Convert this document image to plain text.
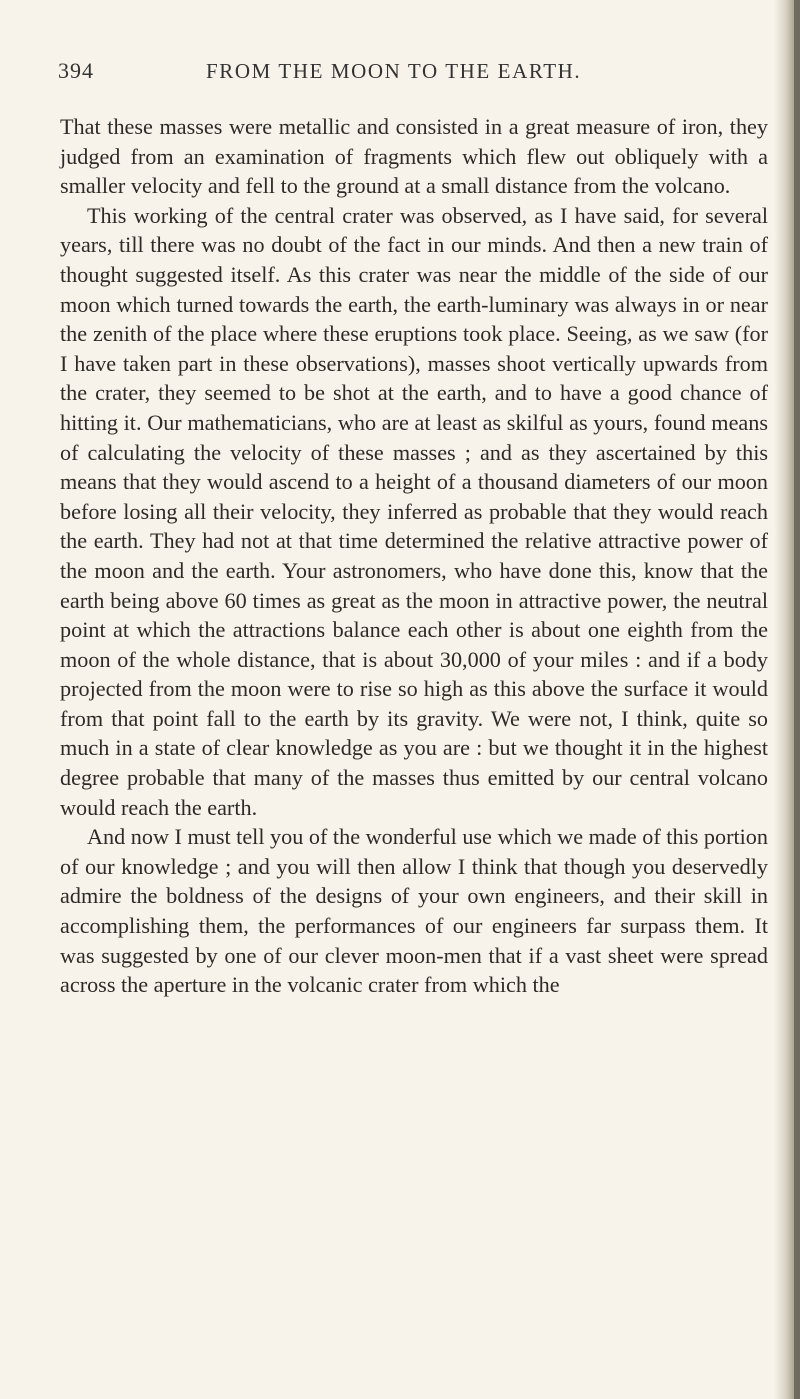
394	FROM THE MOON TO THE EARTH.

That these masses were metallic and consisted in a great measure of iron, they judged from an examination of fragments which flew out obliquely with a smaller velocity and fell to the ground at a small distance from the volcano.

This working of the central crater was observed, as I have said, for several years, till there was no doubt of the fact in our minds. And then a new train of thought suggested itself. As this crater was near the middle of the side of our moon which turned towards the earth, the earth-luminary was always in or near the zenith of the place where these eruptions took place. Seeing, as we saw (for I have taken part in these observations), masses shoot vertically upwards from the crater, they seemed to be shot at the earth, and to have a good chance of hitting it. Our mathematicians, who are at least as skilful as yours, found means of calculating the velocity of these masses ; and as they ascertained by this means that they would ascend to a height of a thousand diameters of our moon before losing all their velocity, they inferred as probable that they would reach the earth. They had not at that time determined the relative attractive power of the moon and the earth. Your astronomers, who have done this, know that the earth being above 60 times as great as the moon in attractive power, the neutral point at which the attractions balance each other is about one eighth from the moon of the whole distance, that is about 30,000 of your miles : and if a body projected from the moon were to rise so high as this above the surface it would from that point fall to the earth by its gravity. We were not, I think, quite so much in a state of clear knowledge as you are : but we thought it in the highest degree probable that many of the masses thus emitted by our central volcano would reach the earth.

And now I must tell you of the wonderful use which we made of this portion of our knowledge ; and you will then allow I think that though you deservedly admire the boldness of the designs of your own engineers, and their skill in accomplishing them, the performances of our engineers far surpass them. It was suggested by one of our clever moon-men that if a vast sheet were spread across the aperture in the volcanic crater from which the
